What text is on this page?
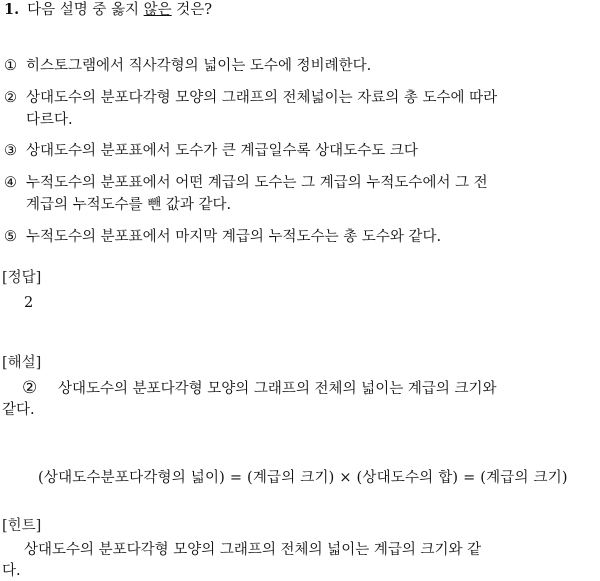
1. 다음 설명 중 옳지 않은 것은?
① 히스토그램에서 직사각형의 넓이는 도수에 정비례한다.
② 상대도수의 분포다각형 모양의 그래프의 전체넓이는 자료의 총 도수에 따라
다르다.
③ 상대도수의 분포표에서 도수가 큰 계급일수록 상대도수도 크다
④ 누적도수의 분포표에서 어떤 계급의 도수는 그 계급의 누적도수에서 그 전
계급의 누적도수를 뺀 값과 같다.
⑤ 누적도수의 분포표에서 마지막 계급의 누적도수는 총 도수와 같다.
[정답]
2
[해설]
② 상대도수의 분포다각형 모양의 그래프의 전체의 넓이는 계급의 크기와
같다.
(상대도수분포다각형의 넓이) = (계급의 크기) × (상대도수의 합) = (계급의 크기)
[힌트]
상대도수의 분포다각형 모양의 그래프의 전체의 넓이는 계급의 크기와 같
다.
